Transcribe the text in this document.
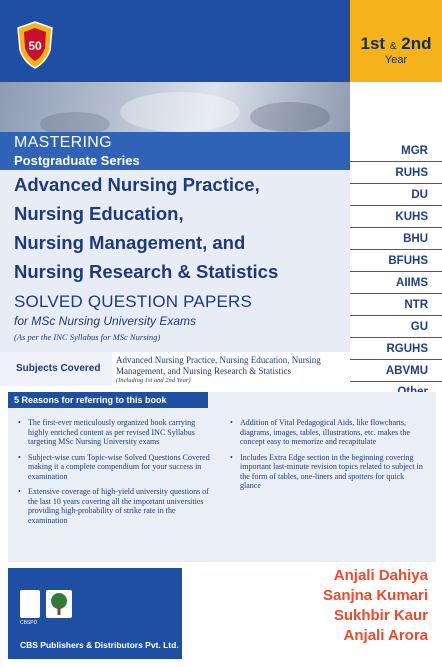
50	1st & 2nd
Year
MASTERING
Postgraduate Series
Advanced Nursing Practice,
Nursing Education,
Nursing Management, and
Nursing Research & Statistics
SOLVED QUESTION PAPERS
for MSc Nursing University Exams
(As per the INC Syllabus for MSc Nursing)
MGR
RUHS
DU
KUHS
BHU
BFUHS
AIIMS
NTR
GU
RGUHS
ABVMU
Subjects Covered
Advanced Nursing Practice, Nursing Education, Nursing Management, and Nursing Research & Statistics
(Including 1st and 2nd Year)
5 Reasons for referring to this book
• The first-ever meticulously organized book carrying highly enriched content as per revised INC Syllabus targeting MSc Nursing University exams
• Subject-wise cum Topic-wise Solved Questions Covered making it a complete compendium for your success in examination
• Extensive coverage of high-yield university questions of the last 10 years covering all the important universities providing high-probability of strike rate in the examination
• Addition of Vital Pedagogical Aids, like flowcharts, diagrams, images, tables, illustrations, etc. makes the concept easy to memorize and recapitulate
• Includes Extra Edge section in the beginning covering important last-minute revision topics related to subject in the form of tables, one-liners and spotters for quick glance
CBSPD
CBS Publishers & Distributors Pvt. Ltd.
Anjali Dahiya
Sanjna Kumari
Sukhbir Kaur
Anjali Arora
